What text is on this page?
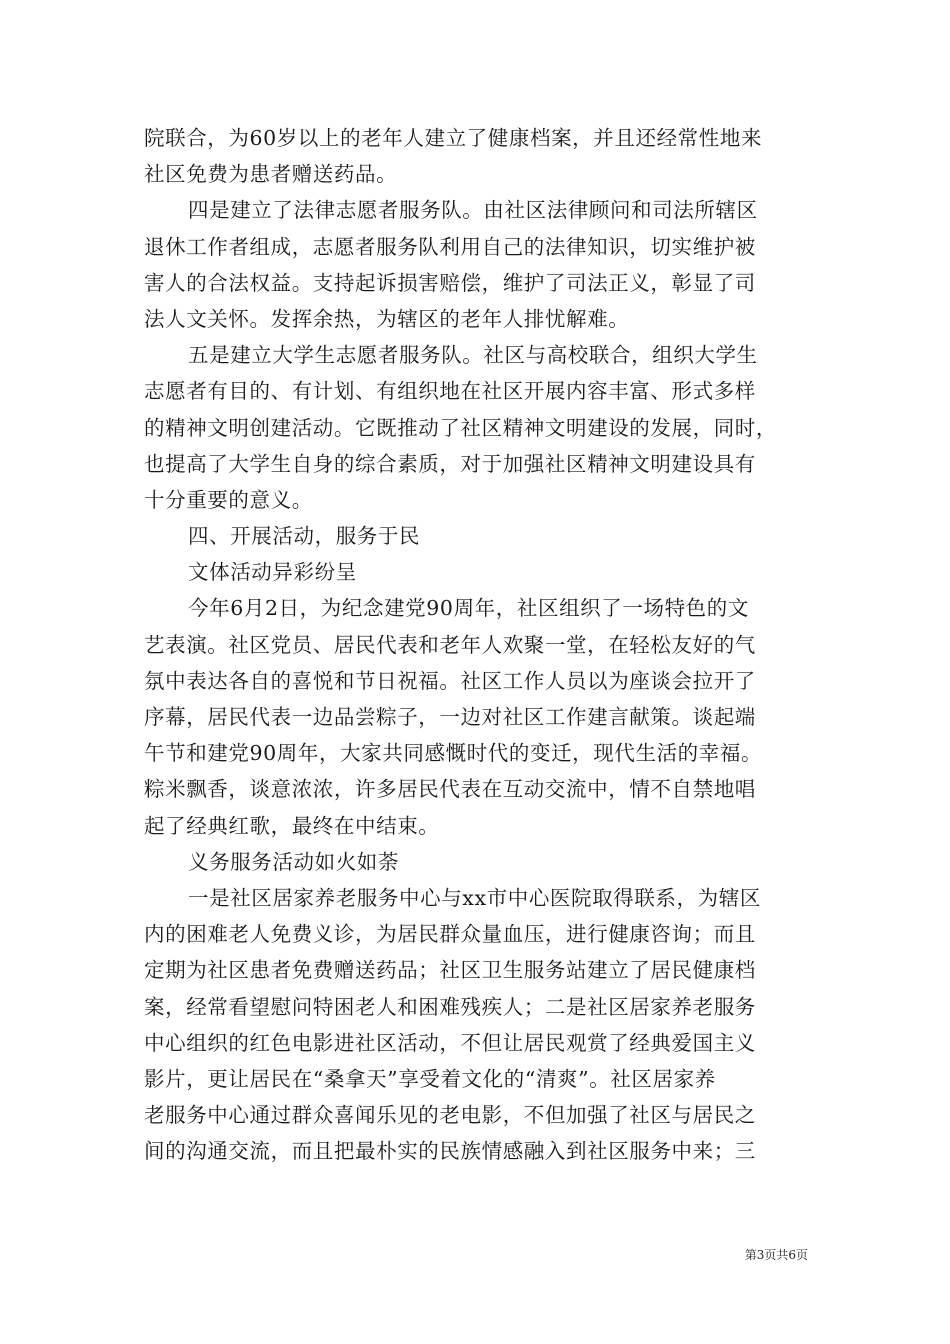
院联合，为60岁以上的老年人建立了健康档案，并且还经常性地来
社区免费为患者赠送药品。
四是建立了法律志愿者服务队。由社区法律顾问和司法所辖区
退休工作者组成，志愿者服务队利用自己的法律知识，切实维护被
害人的合法权益。支持起诉损害赔偿，维护了司法正义，彰显了司
法人文关怀。发挥余热，为辖区的老年人排忧解难。
五是建立大学生志愿者服务队。社区与高校联合，组织大学生
志愿者有目的、有计划、有组织地在社区开展内容丰富、形式多样
的精神文明创建活动。它既推动了社区精神文明建设的发展，同时，
也提高了大学生自身的综合素质，对于加强社区精神文明建设具有
十分重要的意义。
四、开展活动，服务于民
文体活动异彩纷呈
今年6月2日，为纪念建党90周年，社区组织了一场特色的文
艺表演。社区党员、居民代表和老年人欢聚一堂，在轻松友好的气
氛中表达各自的喜悦和节日祝福。社区工作人员以为座谈会拉开了
序幕，居民代表一边品尝粽子，一边对社区工作建言献策。谈起端
午节和建党90周年，大家共同感慨时代的变迁，现代生活的幸福。
粽米飘香，谈意浓浓，许多居民代表在互动交流中，情不自禁地唱
起了经典红歌，最终在中结束。
义务服务活动如火如荼
一是社区居家养老服务中心与xx市中心医院取得联系，为辖区
内的困难老人免费义诊，为居民群众量血压，进行健康咨询；而且
定期为社区患者免费赠送药品；社区卫生服务站建立了居民健康档
案，经常看望慰问特困老人和困难残疾人；二是社区居家养老服务
中心组织的红色电影进社区活动，不但让居民观赏了经典爱国主义
影片，更让居民在“桑拿天”享受着文化的“清爽”。社区居家养
老服务中心通过群众喜闻乐见的老电影，不但加强了社区与居民之
间的沟通交流，而且把最朴实的民族情感融入到社区服务中来；三
第3页共6页
